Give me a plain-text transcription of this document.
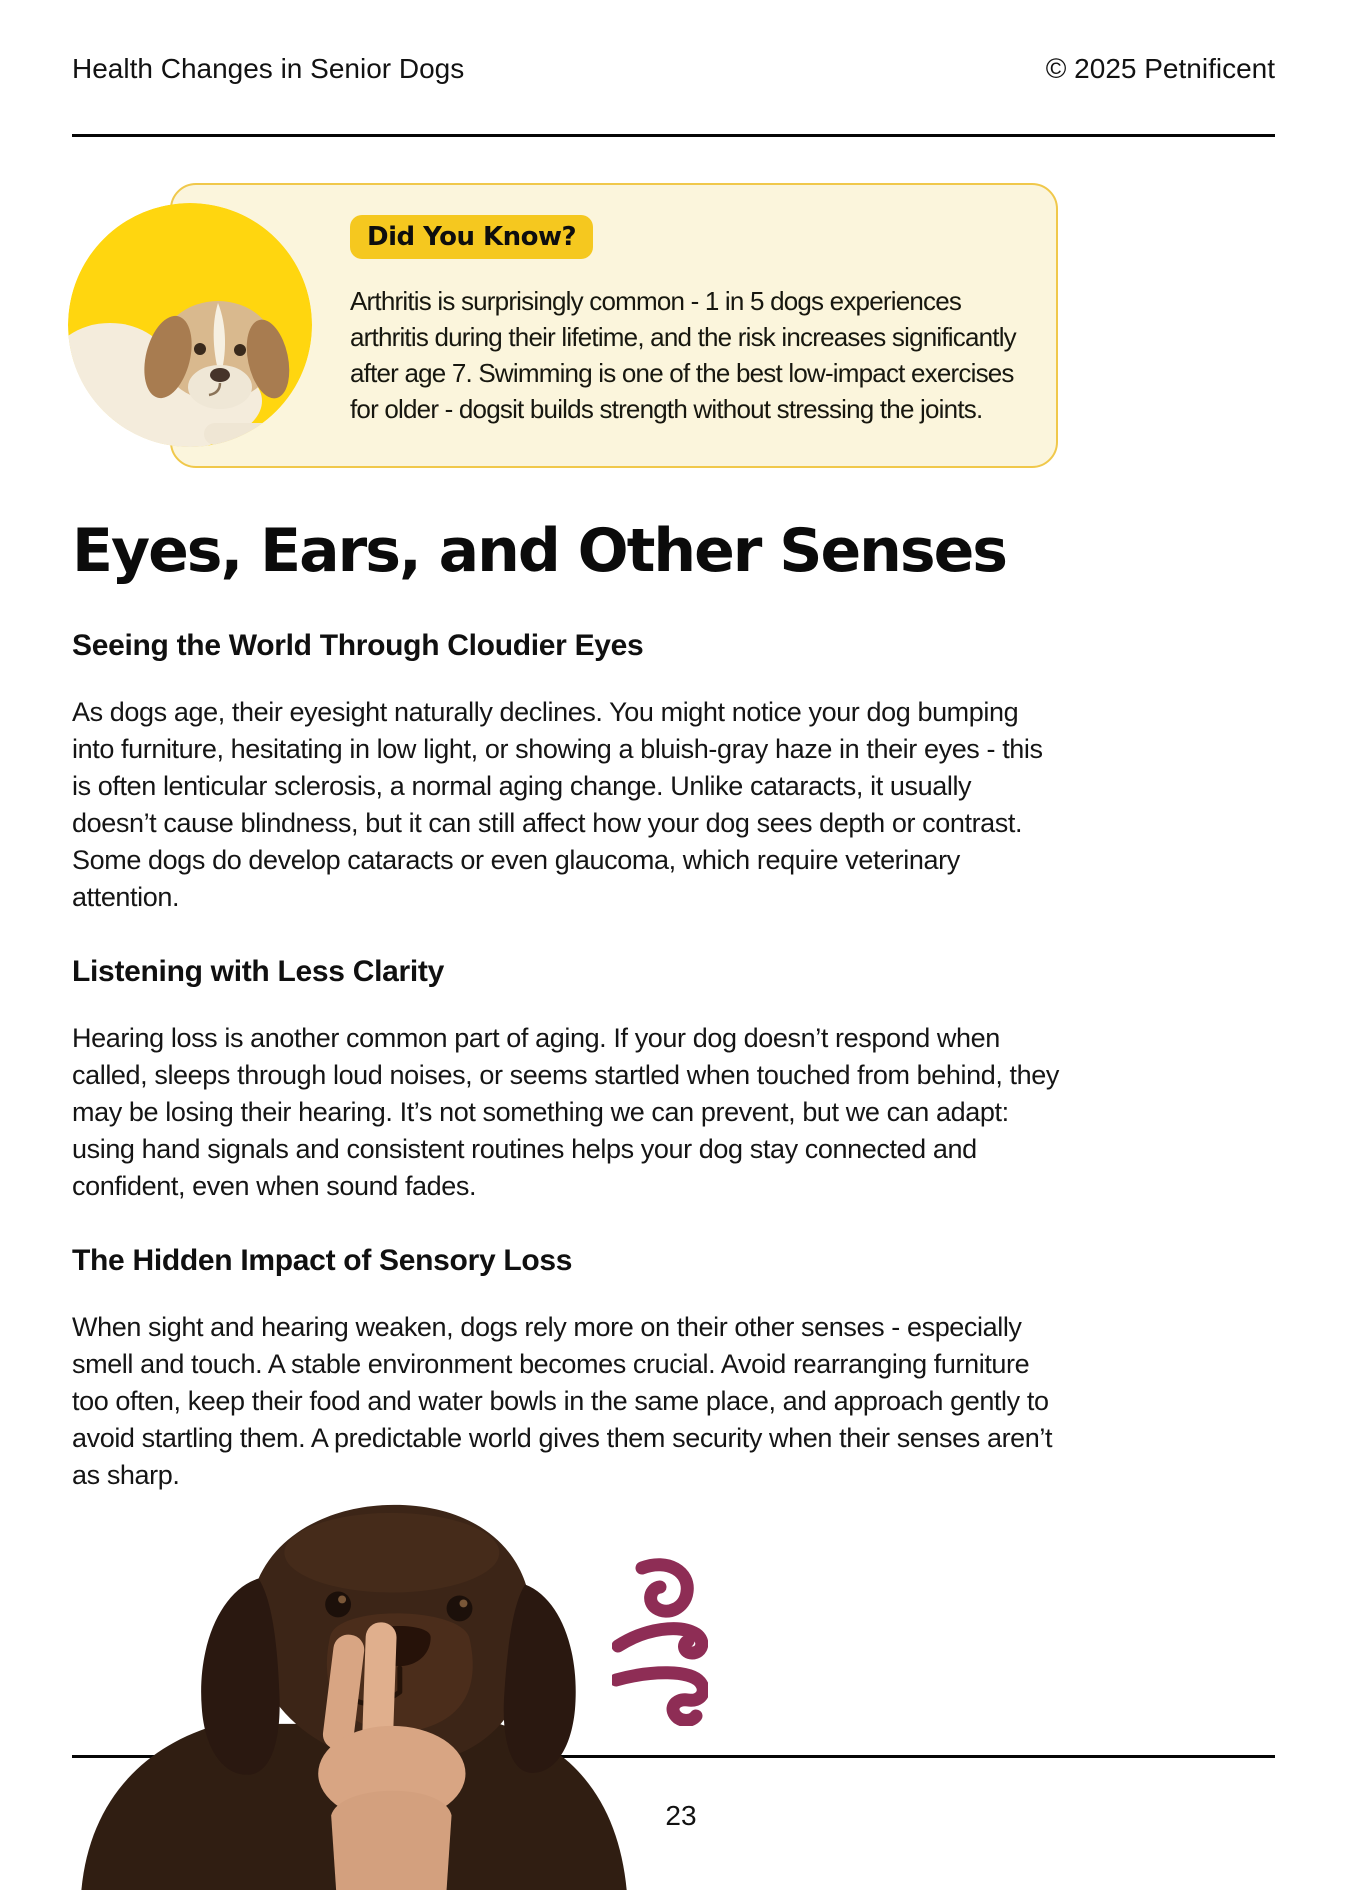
Health Changes in Senior Dogs	© 2025 Petnificent
Did You Know?

Arthritis is surprisingly common - 1 in 5 dogs experiences arthritis during their lifetime, and the risk increases significantly after age 7. Swimming is one of the best low-impact exercises for older - dogsit builds strength without stressing the joints.

Eyes, Ears, and Other Senses
Seeing the World Through Cloudier Eyes

As dogs age, their eyesight naturally declines. You might notice your dog bumping into furniture, hesitating in low light, or showing a bluish-gray haze in their eyes - this is often lenticular sclerosis, a normal aging change. Unlike cataracts, it usually doesn’t cause blindness, but it can still affect how your dog sees depth or contrast. Some dogs do develop cataracts or even glaucoma, which require veterinary attention.

Listening with Less Clarity

Hearing loss is another common part of aging. If your dog doesn’t respond when called, sleeps through loud noises, or seems startled when touched from behind, they may be losing their hearing. It’s not something we can prevent, but we can adapt: using hand signals and consistent routines helps your dog stay connected and confident, even when sound fades.

The Hidden Impact of Sensory Loss

When sight and hearing weaken, dogs rely more on their other senses - especially smell and touch. A stable environment becomes crucial. Avoid rearranging furniture too often, keep their food and water bowls in the same place, and approach gently to avoid startling them. A predictable world gives them security when their senses aren’t as sharp.

23
